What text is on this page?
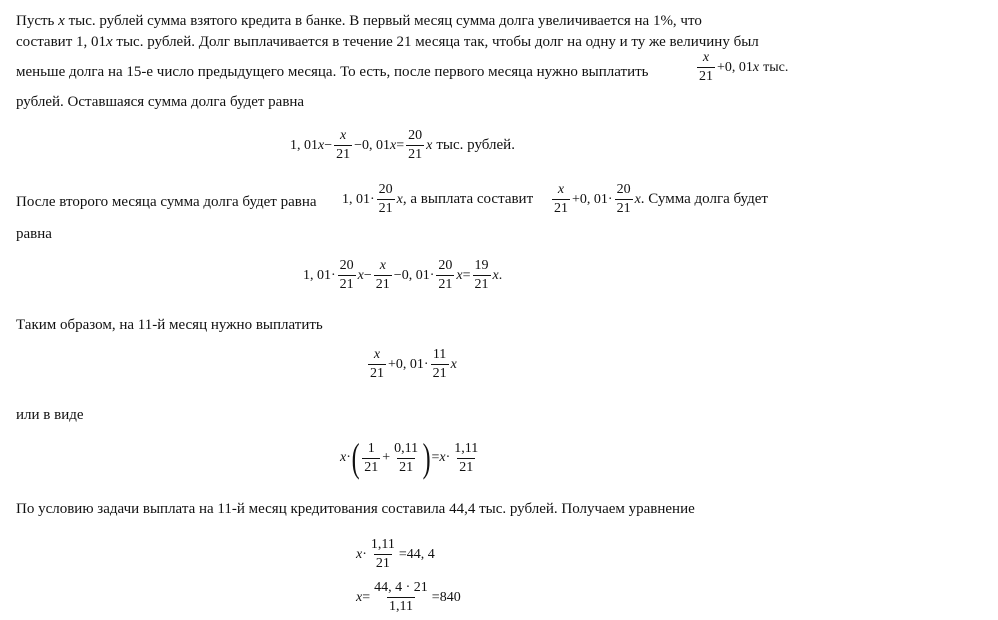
Пусть x тыс. рублей сумма взятого кредита в банке. В первый месяц сумма долга увеличивается на 1%, что
составит 1, 01x тыс. рублей. Долг выплачивается в течение 21 месяца так, чтобы долг на одну и ту же величину был
меньше долга на 15-е число предыдущего месяца. То есть, после первого месяца нужно выплатить	$\frac{x}{21} + 0$, 01 x тыс.
рублей. Оставшаяся сумма долга будет равна
1, 01 $x - \frac{x}{21} - 0$, 01 $x = \frac{20}{21}$ x тыс. рублей.
После второго месяца сумма долга будет равна 1, $01 \cdot \frac{20}{21}$ x , а выплата составит $\frac{x}{21} + 0$, $01 \cdot \frac{20}{21}$ x . Сумма долга будет
равна
1, $01 \cdot \frac{20}{21}$ $x - \frac{x}{21} - 0$, $01 \cdot \frac{20}{21}$ $x = \frac{19}{21}$ x .
Таким образом, на 11-й месяц нужно выплатить
$\frac{x}{21} + 0$, $01 \cdot \frac{11}{21}$ x
или в виде
x · ( $\frac{1}{21} + \frac{0,11}{21}$ ) = $x \cdot \frac{1,11}{21}$
По условию задачи выплата на 11-й месяц кредитования составила 44,4 тыс. рублей. Получаем уравнение
$x \cdot \frac{1,11}{21} = 44$, 4
$x = \frac{44, 4 \cdot 21}{1,11} = 840$
